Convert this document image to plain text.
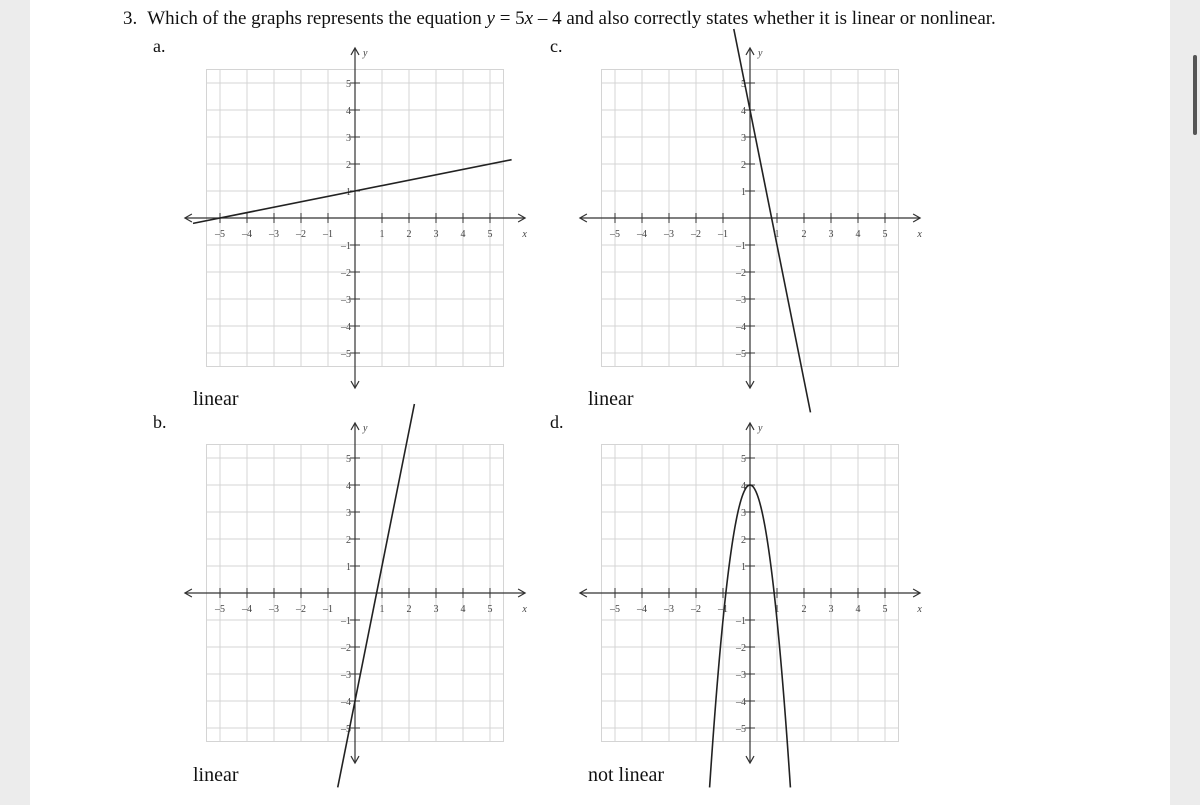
3. Which of the graphs represents the equation y = 5x – 4 and also correctly states whether it is linear or nonlinear.
a.
–5
–5
–4
–4
–3
–3
–2
–2
–1
–1
1
1
2
2
3
3
4
4
5
5
x
y
linear
c.
–5
–5
–4
–4
–3
–3
–2
–2
–1
–1
1
1
2
2
3
3
4
4
5
5
x
y
linear
b.
–5
–5
–4
–4
–3
–3
–2
–2
–1
–1
1
1
2
2
3
3
4
4
5
5
x
y
linear
d.
–5
–5
–4
–4
–3
–3
–2
–2
–1
–1
1
1
2
2
3
3
4
4
5
5
x
y
not linear
